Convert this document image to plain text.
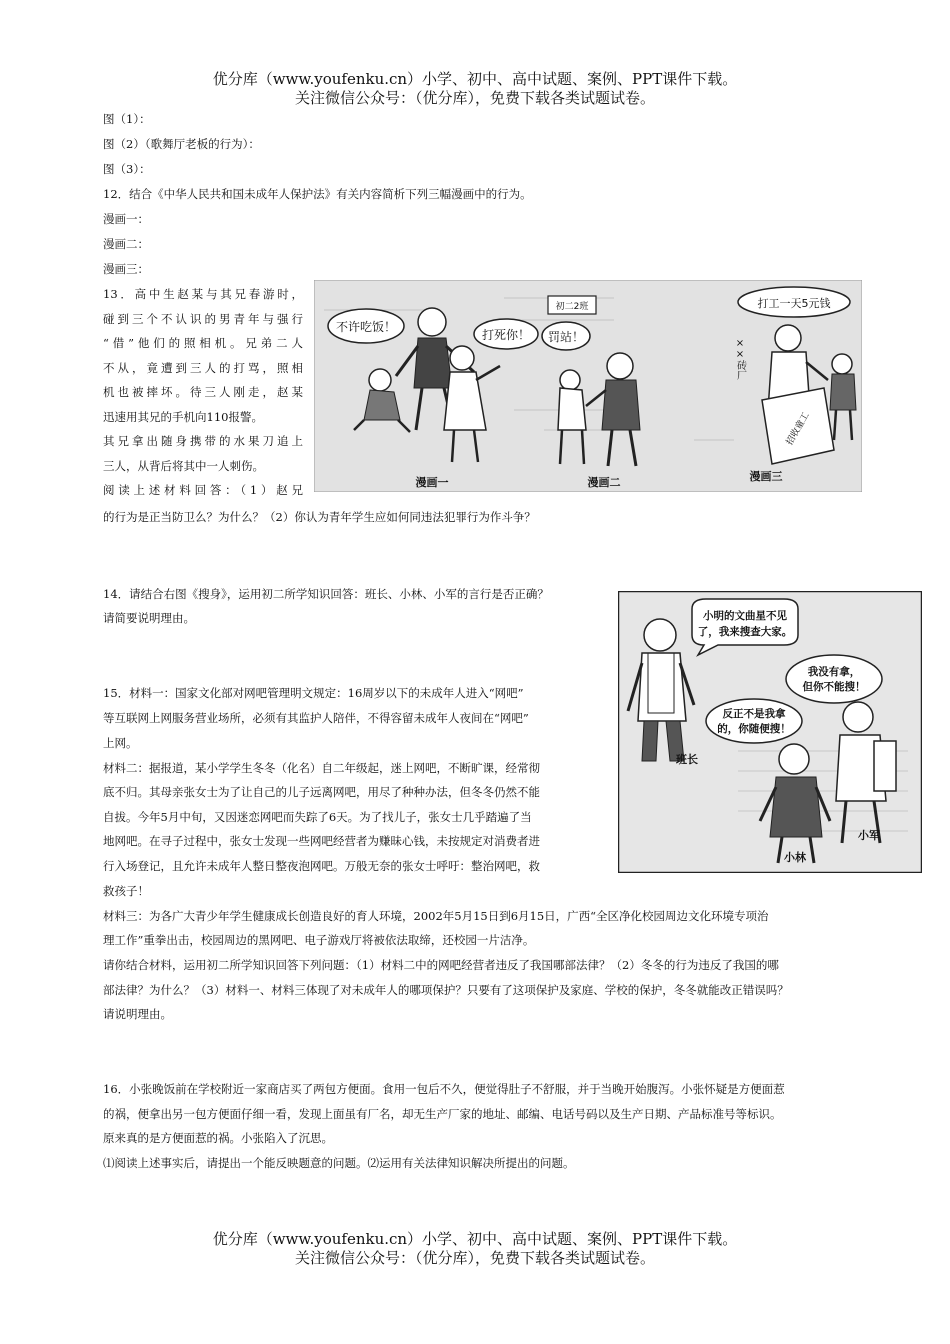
优分库（www.youfenku.cn）小学、初中、高中试题、案例、PPT课件下载。
关注微信公众号：（优分库），免费下载各类试题试卷。
图（1）：
图（2）（歌舞厅老板的行为）：
图（3）：
12．结合《中华人民共和国未成年人保护法》有关内容简析下列三幅漫画中的行为。
漫画一：
漫画二：
漫画三：
13．高中生赵某与其兄春游时，
碰到三个不认识的男青年与强行
“借”他们的照相机。兄弟二人
不从，竟遭到三人的打骂，照相
机也被摔坏。待三人刚走，赵某
迅速用其兄的手机向110报警。
其兄拿出随身携带的水果刀追上
三人，从背后将其中一人刺伤。
阅读上述材料回答：（1）赵兄
的行为是正当防卫么？为什么？（2）你认为青年学生应如何同违法犯罪行为作斗争？
不许吃饭！
打死你！
漫画一
初二2班
罚站！
漫画二
打工一天5元钱
××砖厂
招收童工
漫画三
14．请结合右图《搜身》，运用初二所学知识回答：班长、小林、小军的言行是否正确？
请简要说明理由。	小明的文曲星不见
了，我来搜查大家。
我没有拿，
但你不能搜！
反正不是我拿
的，你随便搜！
班长
小军
小林
15．材料一：国家文化部对网吧管理明文规定：16周岁以下的未成年人进入“网吧”
等互联网上网服务营业场所，必须有其监护人陪伴，不得容留未成年人夜间在“网吧”
上网。
材料二：据报道，某小学学生冬冬（化名）自二年级起，迷上网吧，不断旷课，经常彻
底不归。其母亲张女士为了让自己的儿子远离网吧，用尽了种种办法，但冬冬仍然不能
自拔。今年5月中旬，又因迷恋网吧而失踪了6天。为了找儿子，张女士几乎踏遍了当
地网吧。在寻子过程中，张女士发现一些网吧经营者为赚昧心钱，未按规定对消费者进
行入场登记，且允许未成年人整日整夜泡网吧。万般无奈的张女士呼吁：整治网吧，救
救孩子！
材料三：为各广大青少年学生健康成长创造良好的育人环境，2002年5月15日到6月15日，广西“全区净化校园周边文化环境专项治
理工作”重拳出击，校园周边的黑网吧、电子游戏厅将被依法取缔，还校园一片洁净。
请你结合材料，运用初二所学知识回答下列问题：（1）材料二中的网吧经营者违反了我国哪部法律？（2）冬冬的行为违反了我国的哪
部法律？为什么？（3）材料一、材料三体现了对未成年人的哪项保护？只要有了这项保护及家庭、学校的保护，冬冬就能改正错误吗？
请说明理由。
16．小张晚饭前在学校附近一家商店买了两包方便面。食用一包后不久，便觉得肚子不舒服，并于当晚开始腹泻。小张怀疑是方便面惹
的祸，便拿出另一包方便面仔细一看，发现上面虽有厂名，却无生产厂家的地址、邮编、电话号码以及生产日期、产品标准号等标识。
原来真的是方便面惹的祸。小张陷入了沉思。
⑴阅读上述事实后，请提出一个能反映题意的问题。⑵运用有关法律知识解决所提出的问题。
优分库（www.youfenku.cn）小学、初中、高中试题、案例、PPT课件下载。
关注微信公众号：（优分库），免费下载各类试题试卷。
